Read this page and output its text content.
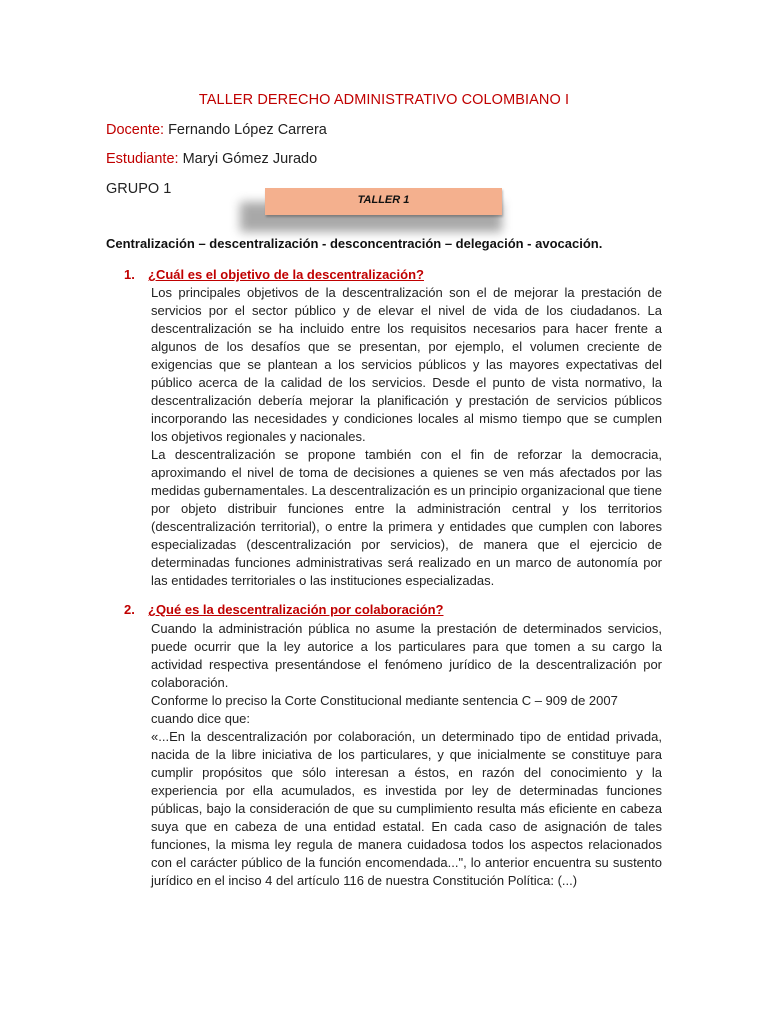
TALLER DERECHO ADMINISTRATIVO COLOMBIANO I
Docente: Fernando López Carrera
Estudiante: Maryi Gómez Jurado
GRUPO 1
TALLER 1
Centralización – descentralización - desconcentración – delegación - avocación.
1. ¿Cuál es el objetivo de la descentralización?

Los principales objetivos de la descentralización son el de mejorar la prestación de servicios por el sector público y de elevar el nivel de vida de los ciudadanos. La descentralización se ha incluido entre los requisitos necesarios para hacer frente a algunos de los desafíos que se presentan, por ejemplo, el volumen creciente de exigencias que se plantean a los servicios públicos y las mayores expectativas del público acerca de la calidad de los servicios. Desde el punto de vista normativo, la descentralización debería mejorar la planificación y prestación de servicios públicos incorporando las necesidades y condiciones locales al mismo tiempo que se cumplen los objetivos regionales y nacionales.

La descentralización se propone también con el fin de reforzar la democracia, aproximando el nivel de toma de decisiones a quienes se ven más afectados por las medidas gubernamentales. La descentralización es un principio organizacional que tiene por objeto distribuir funciones entre la administración central y los territorios (descentralización territorial), o entre la primera y entidades que cumplen con labores especializadas (descentralización por servicios), de manera que el ejercicio de determinadas funciones administrativas será realizado en un marco de autonomía por las entidades territoriales o las instituciones especializadas.

2. ¿Qué es la descentralización por colaboración?

Cuando la administración pública no asume la prestación de determinados servicios, puede ocurrir que la ley autorice a los particulares para que tomen a su cargo la actividad respectiva presentándose el fenómeno jurídico de la descentralización por colaboración.

Conforme lo preciso la Corte Constitucional mediante sentencia C – 909 de 2007 cuando dice que:

«...En la descentralización por colaboración, un determinado tipo de entidad privada, nacida de la libre iniciativa de los particulares, y que inicialmente se constituye para cumplir propósitos que sólo interesan a éstos, en razón del conocimiento y la experiencia por ella acumulados, es investida por ley de determinadas funciones públicas, bajo la consideración de que su cumplimiento resulta más eficiente en cabeza suya que en cabeza de una entidad estatal. En cada caso de asignación de tales funciones, la misma ley regula de manera cuidadosa todos los aspectos relacionados con el carácter público de la función encomendada...", lo anterior encuentra su sustento jurídico en el inciso 4 del artículo 116 de nuestra Constitución Política: (...)
